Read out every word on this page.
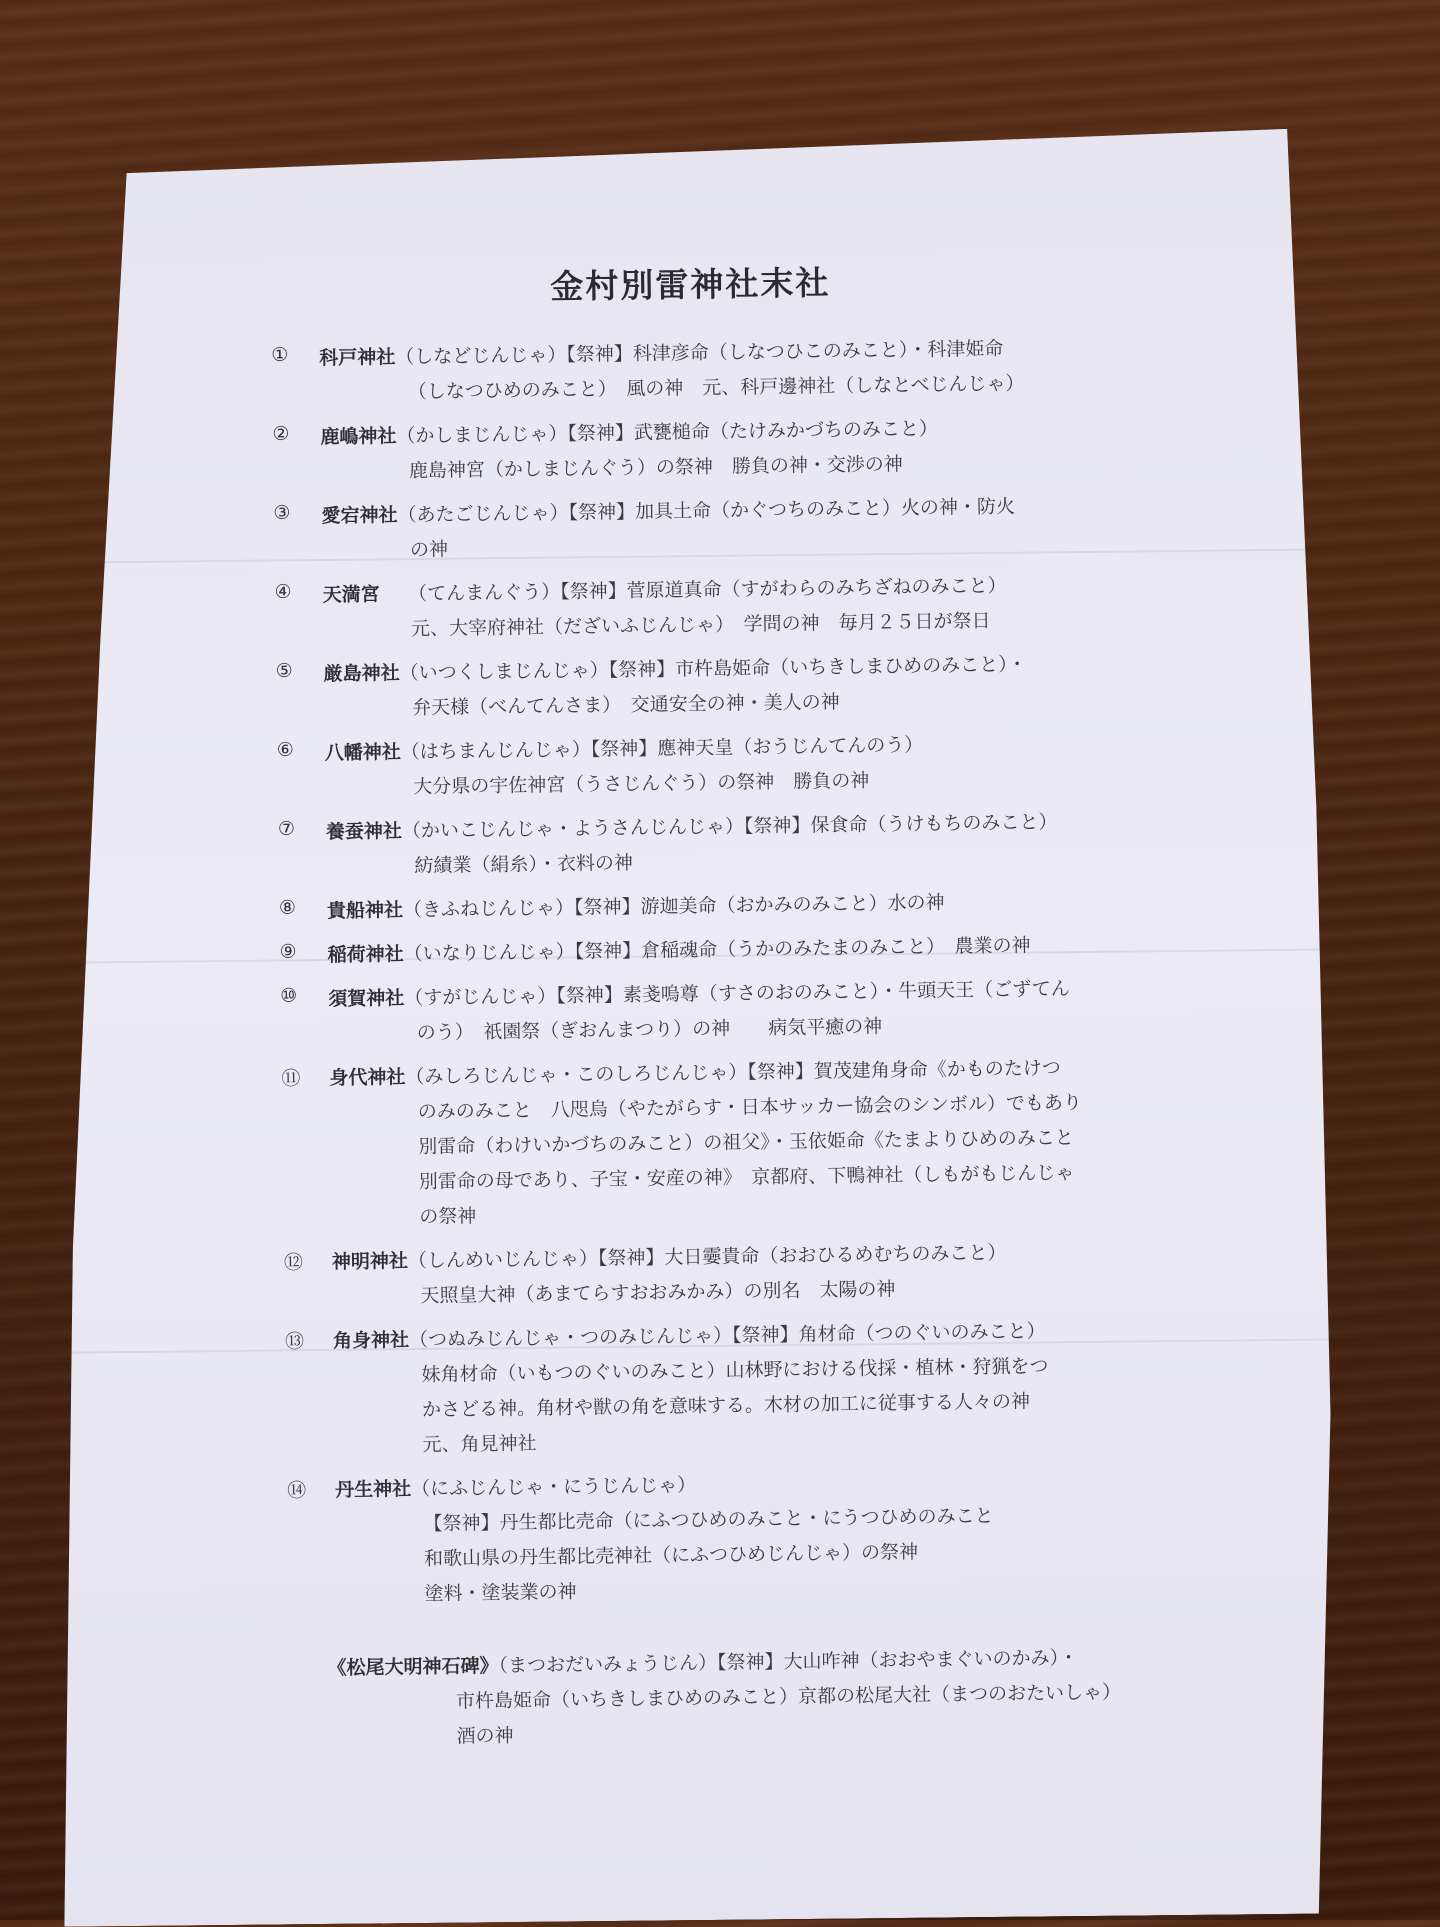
金村別雷神社末社
①	科戸神社（しなどじんじゃ）【祭神】科津彦命（しなつひこのみこと）・科津姫命
（しなつひめのみこと）　風の神　元、科戸邊神社（しなとべじんじゃ）
②	鹿嶋神社（かしまじんじゃ）【祭神】武甕槌命（たけみかづちのみこと）
鹿島神宮（かしまじんぐう）の祭神　勝負の神・交渉の神
③	愛宕神社（あたごじんじゃ）【祭神】加具土命（かぐつちのみこと）火の神・防火
の神
④	天満宮　　（てんまんぐう）【祭神】菅原道真命（すがわらのみちざねのみこと）
元、大宰府神社（だざいふじんじゃ）　学問の神　毎月２５日が祭日
⑤	厳島神社（いつくしまじんじゃ）【祭神】市杵島姫命（いちきしまひめのみこと）・
弁天様（べんてんさま）　交通安全の神・美人の神
⑥	八幡神社（はちまんじんじゃ）【祭神】應神天皇（おうじんてんのう）
大分県の宇佐神宮（うさじんぐう）の祭神　勝負の神
⑦	養蚕神社（かいこじんじゃ・ようさんじんじゃ）【祭神】保食命（うけもちのみこと）
紡績業（絹糸）・衣料の神
⑧	貴船神社（きふねじんじゃ）【祭神】游迦美命（おかみのみこと）水の神
⑨	稲荷神社（いなりじんじゃ）【祭神】倉稲魂命（うかのみたまのみこと）　農業の神
⑩	須賀神社（すがじんじゃ）【祭神】素戔嗚尊（すさのおのみこと）・牛頭天王（ごずてん
のう）　祇園祭（ぎおんまつり）の神　　病気平癒の神
⑪	身代神社（みしろじんじゃ・このしろじんじゃ）【祭神】賀茂建角身命《かものたけつ
のみのみこと　八咫烏（やたがらす・日本サッカー協会のシンボル）でもあり
別雷命（わけいかづちのみこと）の祖父》・玉依姫命《たまよりひめのみこと
別雷命の母であり、子宝・安産の神》　京都府、下鴨神社（しもがもじんじゃ
の祭神
⑫	神明神社（しんめいじんじゃ）【祭神】大日孁貴命（おおひるめむちのみこと）
天照皇大神（あまてらすおおみかみ）の別名　太陽の神
⑬	角身神社（つぬみじんじゃ・つのみじんじゃ）【祭神】角材命（つのぐいのみこと）
妹角材命（いもつのぐいのみこと）山林野における伐採・植林・狩猟をつ
かさどる神。角材や獣の角を意味する。木材の加工に従事する人々の神
元、角見神社
⑭	丹生神社（にふじんじゃ・にうじんじゃ）
【祭神】丹生都比売命（にふつひめのみこと・にうつひめのみこと
和歌山県の丹生都比売神社（にふつひめじんじゃ）の祭神
塗料・塗装業の神
《松尾大明神石碑》（まつおだいみょうじん）【祭神】大山咋神（おおやまぐいのかみ）・
市杵島姫命（いちきしまひめのみこと）京都の松尾大社（まつのおたいしゃ）
酒の神
